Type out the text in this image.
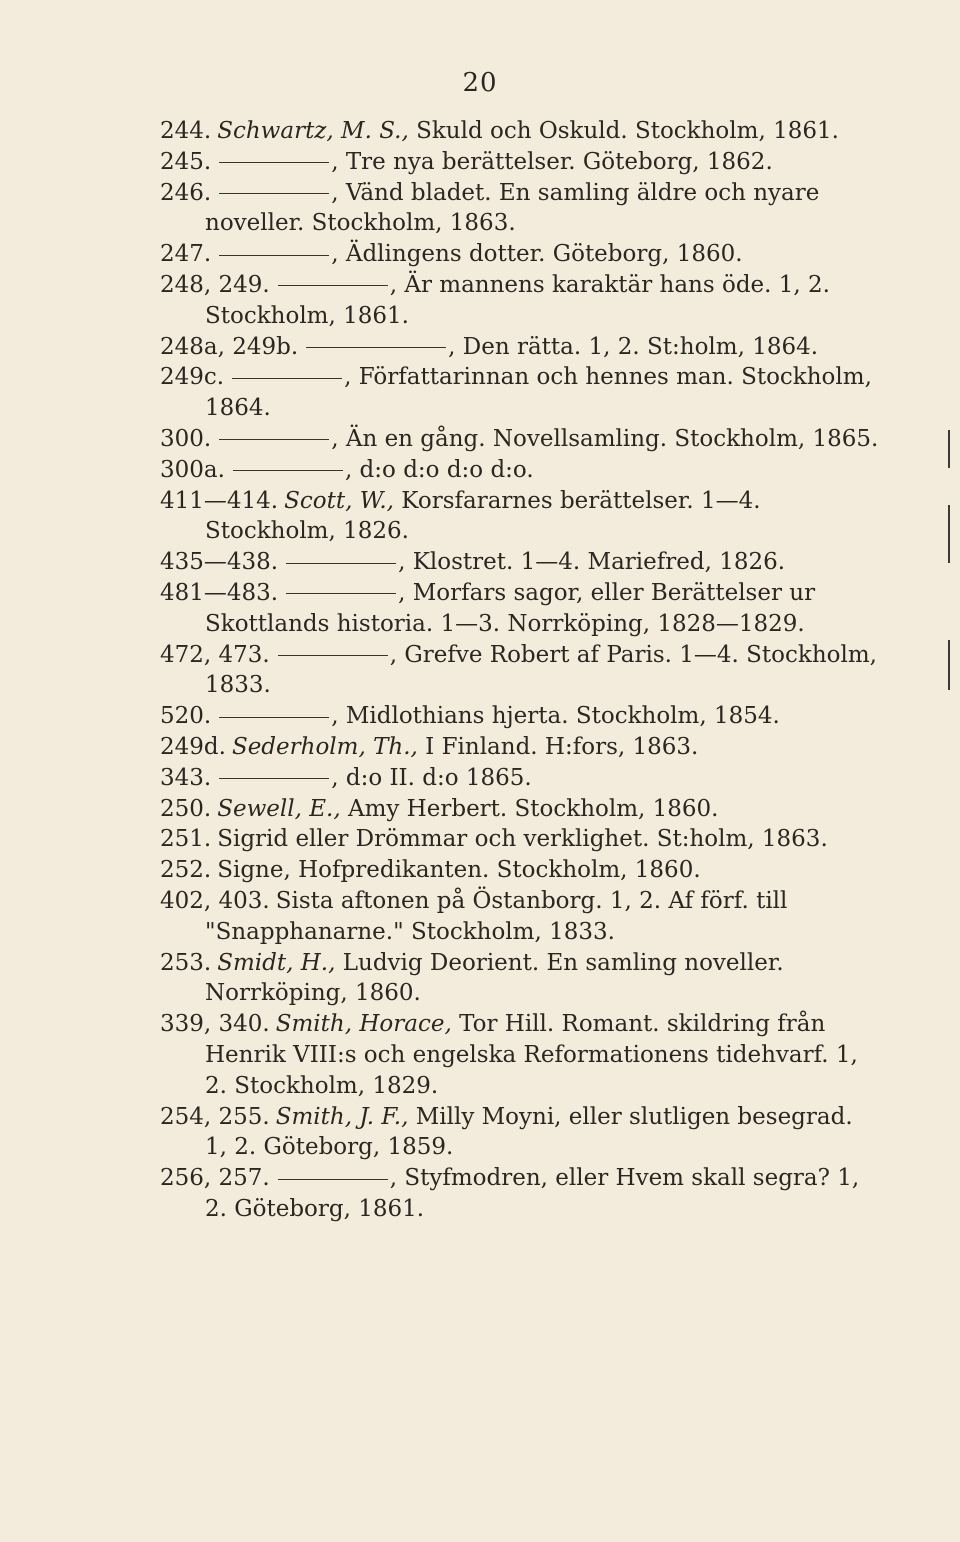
20

244. Schwartz, M. S., Skuld och Oskuld. Stockholm, 1861.

245.	, Tre nya berättelser. Göteborg, 1862.

246.	, Vänd bladet. En samling äldre och nyare noveller. Stockholm, 1863.

247.	, Ädlingens dotter. Göteborg, 1860.

248, 249.	, Är mannens karaktär hans öde. 1, 2. Stockholm, 1861.

248a, 249b.	, Den rätta. 1, 2. St:holm, 1864.

249c.	, Författarinnan och hennes man. Stockholm, 1864.

300.	, Än en gång. Novellsamling. Stockholm, 1865.

300a.	, d:o d:o d:o d:o.

411—414. Scott, W., Korsfararnes berättelser. 1—4. Stockholm, 1826.

435—438.	, Klostret. 1—4. Mariefred, 1826.

481—483.	, Morfars sagor, eller Berättelser ur Skottlands historia. 1—3. Norrköping, 1828—1829.

472, 473.	, Grefve Robert af Paris. 1—4. Stockholm, 1833.

520.	, Midlothians hjerta. Stockholm, 1854.

249d. Sederholm, Th., I Finland. H:fors, 1863.

343.	, d:o II. d:o 1865.

250. Sewell, E., Amy Herbert. Stockholm, 1860.

251. Sigrid eller Drömmar och verklighet. St:holm, 1863.

252. Signe, Hofpredikanten. Stockholm, 1860.

402, 403. Sista aftonen på Östanborg. 1, 2. Af förf. till "Snapphanarne." Stockholm, 1833.

253. Smidt, H., Ludvig Deorient. En samling noveller. Norrköping, 1860.

339, 340. Smith, Horace, Tor Hill. Romant. skildring från Henrik VIII:s och engelska Reformationens tidehvarf. 1, 2. Stockholm, 1829.

254, 255. Smith, J. F., Milly Moyni, eller slutligen besegrad. 1, 2. Göteborg, 1859.

256, 257.	, Styfmodren, eller Hvem skall segra? 1, 2. Göteborg, 1861.
